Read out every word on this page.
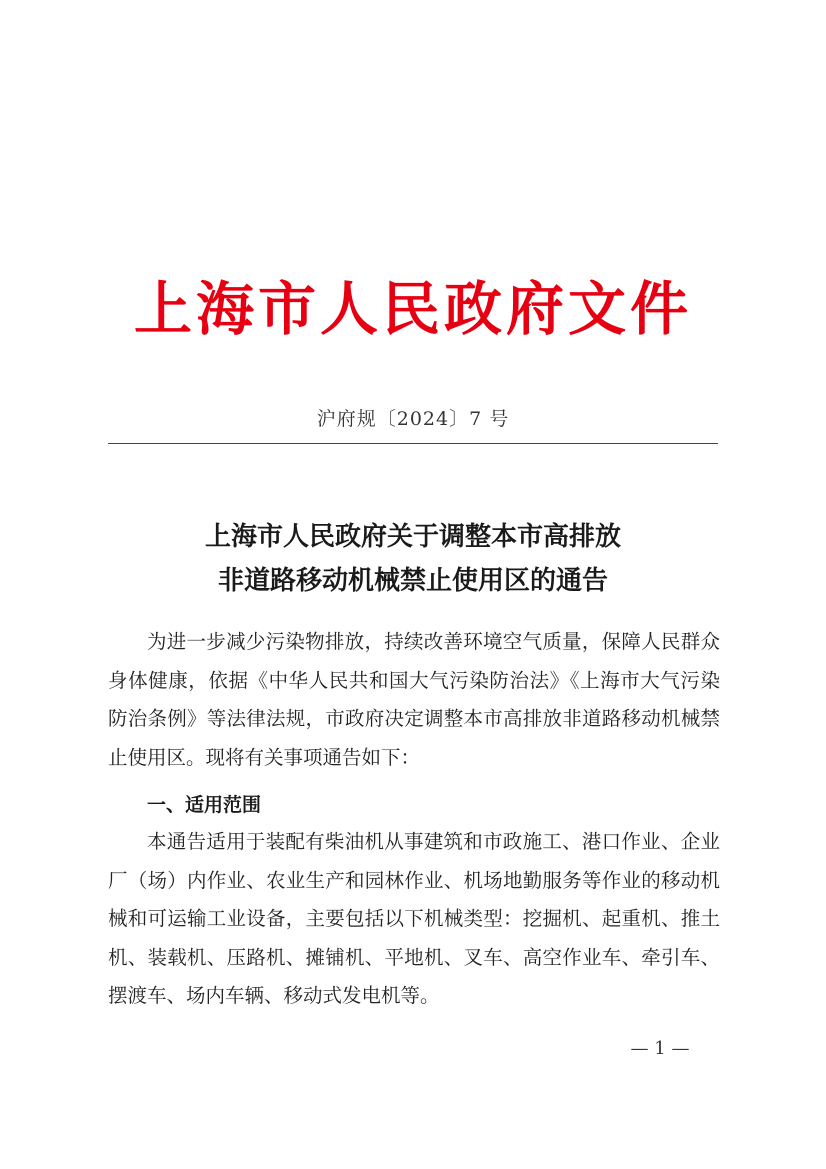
上海市人民政府文件
沪府规〔2024〕7 号
上海市人民政府关于调整本市高排放
非道路移动机械禁止使用区的通告

为进一步减少污染物排放，持续改善环境空气质量，保障人民群众身体健康，依据《中华人民共和国大气污染防治法》《上海市大气污染防治条例》等法律法规，市政府决定调整本市高排放非道路移动机械禁止使用区。现将有关事项通告如下：

一、适用范围

本通告适用于装配有柴油机从事建筑和市政施工、港口作业、企业厂（场）内作业、农业生产和园林作业、机场地勤服务等作业的移动机械和可运输工业设备，主要包括以下机械类型：挖掘机、起重机、推土机、装载机、压路机、摊铺机、平地机、叉车、高空作业车、牵引车、摆渡车、场内车辆、移动式发电机等。

— 1 —
